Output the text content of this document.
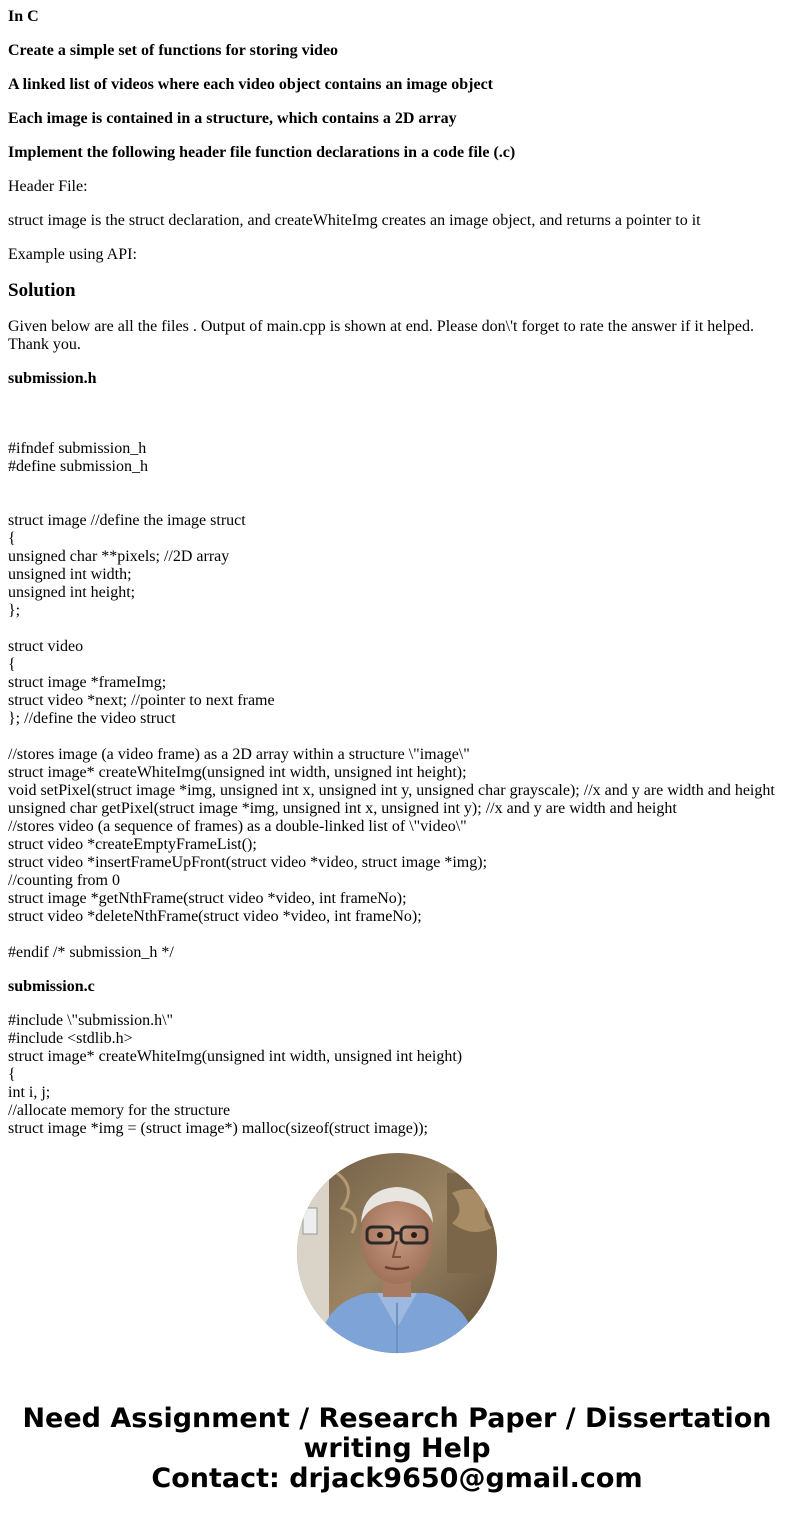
In C
Create a simple set of functions for storing video
A linked list of videos where each video object contains an image object
Each image is contained in a structure, which contains a 2D array
Implement the following header file function declarations in a code file (.c)
Header File:
struct image is the struct declaration, and createWhiteImg creates an image object, and returns a pointer to it
Example using API:
Solution
Given below are all the files . Output of main.cpp is shown at end. Please don\'t forget to rate the answer if it helped. Thank you.
submission.h
#ifndef submission_h
#define submission_h
struct image //define the image struct
{
unsigned char **pixels; //2D array
unsigned int width;
unsigned int height;
};
struct video
{
struct image *frameImg;
struct video *next; //pointer to next frame
}; //define the video struct
//stores image (a video frame) as a 2D array within a structure \"image\"
struct image* createWhiteImg(unsigned int width, unsigned int height);
void setPixel(struct image *img, unsigned int x, unsigned int y, unsigned char grayscale); //x and y are width and height
unsigned char getPixel(struct image *img, unsigned int x, unsigned int y); //x and y are width and height
//stores video (a sequence of frames) as a double-linked list of \"video\"
struct video *createEmptyFrameList();
struct video *insertFrameUpFront(struct video *video, struct image *img);
//counting from 0
struct image *getNthFrame(struct video *video, int frameNo);
struct video *deleteNthFrame(struct video *video, int frameNo);
#endif /* submission_h */
submission.c
#include \"submission.h\"
#include <stdlib.h>
struct image* createWhiteImg(unsigned int width, unsigned int height)
{
int i, j;
//allocate memory for the structure
struct image *img = (struct image*) malloc(sizeof(struct image));
Need Assignment / Research Paper / Dissertation
writing Help
Contact: drjack9650@gmail.com
